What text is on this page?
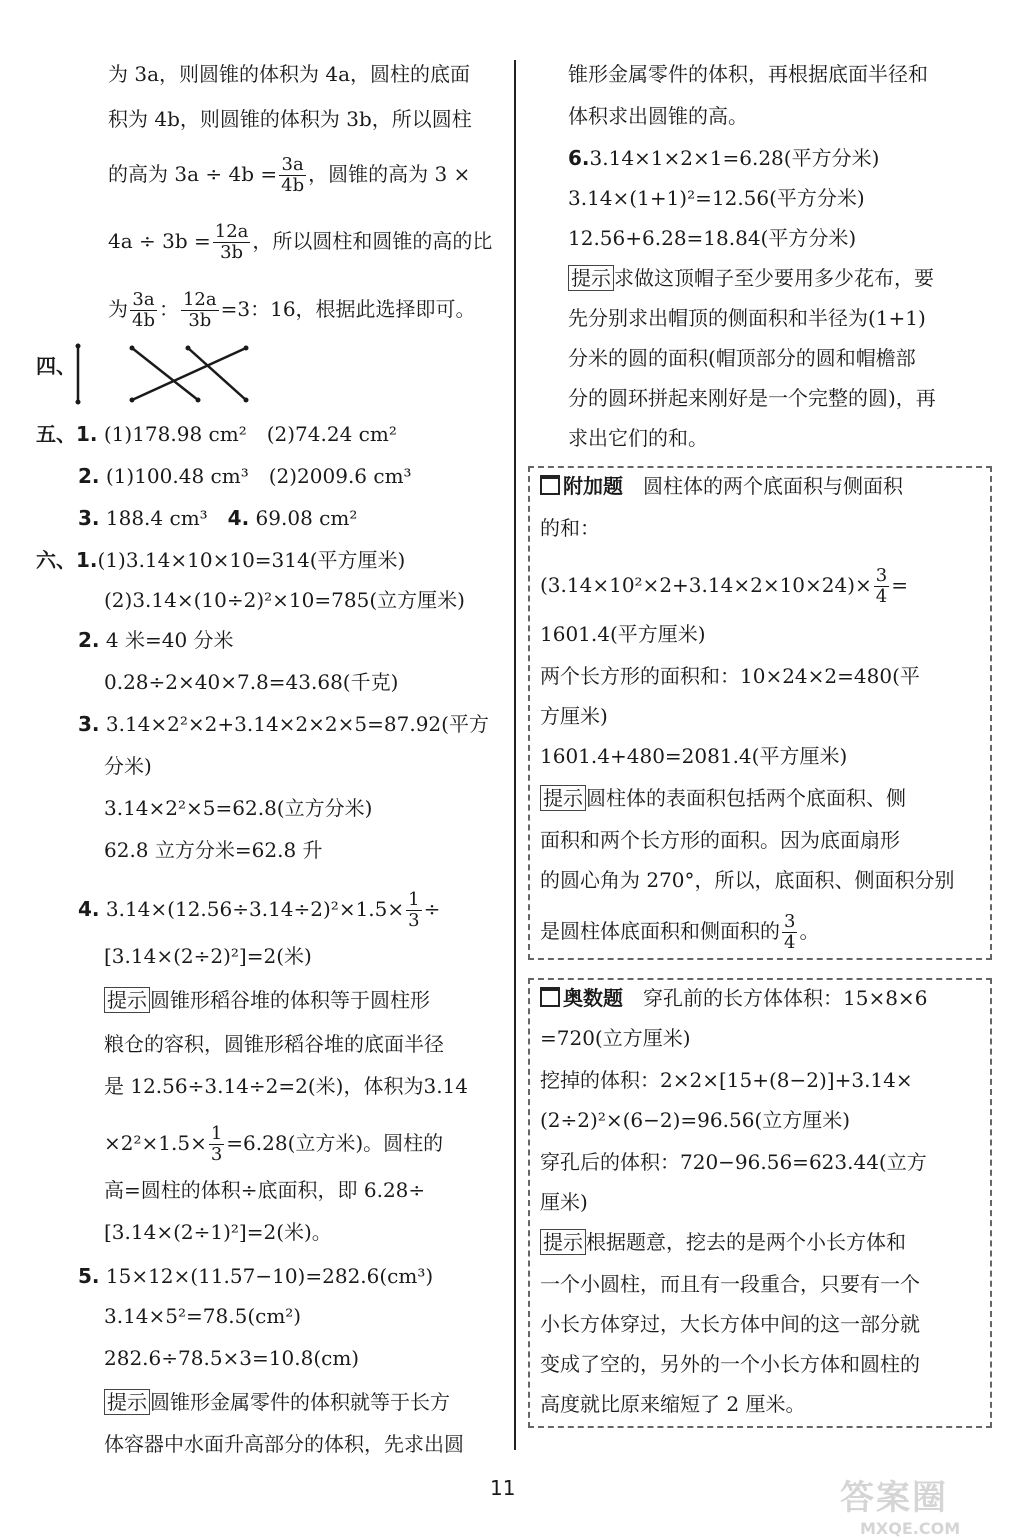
为 3a，则圆锥的体积为 4a，圆柱的底面
积为 4b，则圆锥的体积为 3b，所以圆柱
的高为 $3a \div 4b = \frac{3a}{4b}$ ，圆锥的高为 3 ×
$4a \div 3b = \frac{12a}{3b}$ ，所以圆柱和圆锥的高的比
为 $\frac{3a}{4b}$ ： $\frac{12a}{3b} =3$：16，根据此选择即可。
四、
五、1. (1)178.98 cm²　(2)74.24 cm²
2. (1)100.48 cm³　(2)2009.6 cm³
3. 188.4 cm³　 4. 69.08 cm²
六、1.(1)3.14×10×10=314(平方厘米)
(2)3.14×(10÷2)²×10=785(立方厘米)
2. 4 米=40 分米
0.28÷2×40×7.8=43.68(千克)
3. 3.14×2²×2+3.14×2×2×5=87.92(平方
分米)
3.14×2²×5=62.8(立方分米)
62.8 立方分米=62.8 升
4. $3.14\times(12.56\div 3.14\div 2)^2\times 1.5\times \frac{1}{3}$ ÷
[3.14×(2÷2)²]=2(米)
提示 圆锥形稻谷堆的体积等于圆柱形
粮仓的容积，圆锥形稻谷堆的底面半径
是 12.56÷3.14÷2=2(米)，体积为3.14
$\times 2^2\times 1.5\times \frac{1}{3} =6.28$(立方米)。圆柱的
高=圆柱的体积÷底面积，即 6.28÷
[3.14×(2÷1)²]=2(米)。
5. 15×12×(11.57−10)=282.6(cm³)
3.14×5²=78.5(cm²)
282.6÷78.5×3=10.8(cm)
提示 圆锥形金属零件的体积就等于长方
体容器中水面升高部分的体积，先求出圆
锥形金属零件的体积，再根据底面半径和
体积求出圆锥的高。
6.3.14×1×2×1=6.28(平方分米)
3.14×(1+1)²=12.56(平方分米)
12.56+6.28=18.84(平方分米)
提示 求做这顶帽子至少要用多少花布，要
先分别求出帽顶的侧面积和半径为(1+1)
分米的圆的面积(帽顶部分的圆和帽檐部
分的圆环拼起来刚好是一个完整的圆)，再
求出它们的和。
附加题　 圆柱体的两个底面积与侧面积
的和：
$(3.14\times 10^2\times 2+3.14\times 2\times 10\times 24)\times \frac{3}{4}$ =
1601.4(平方厘米)
两个长方形的面积和：10×24×2=480(平
方厘米)
1601.4+480=2081.4(平方厘米)
提示 圆柱体的表面积包括两个底面积、侧
面积和两个长方形的面积。因为底面扇形
的圆心角为 270°，所以，底面积、侧面积分别
是圆柱体底面积和侧面积的 $\frac{3}{4}$ 。
奥数题　 穿孔前的长方体体积：15×8×6
=720(立方厘米)
挖掉的体积：2×2×[15+(8−2)]+3.14×
(2÷2)²×(6−2)=96.56(立方厘米)
穿孔后的体积：720−96.56=623.44(立方
厘米)
提示 根据题意，挖去的是两个小长方体和
一个小圆柱，而且有一段重合，只要有一个
小长方体穿过，大长方体中间的这一部分就
变成了空的，另外的一个小长方体和圆柱的
高度就比原来缩短了 2 厘米。
11	答案圈
MXQE.COM
